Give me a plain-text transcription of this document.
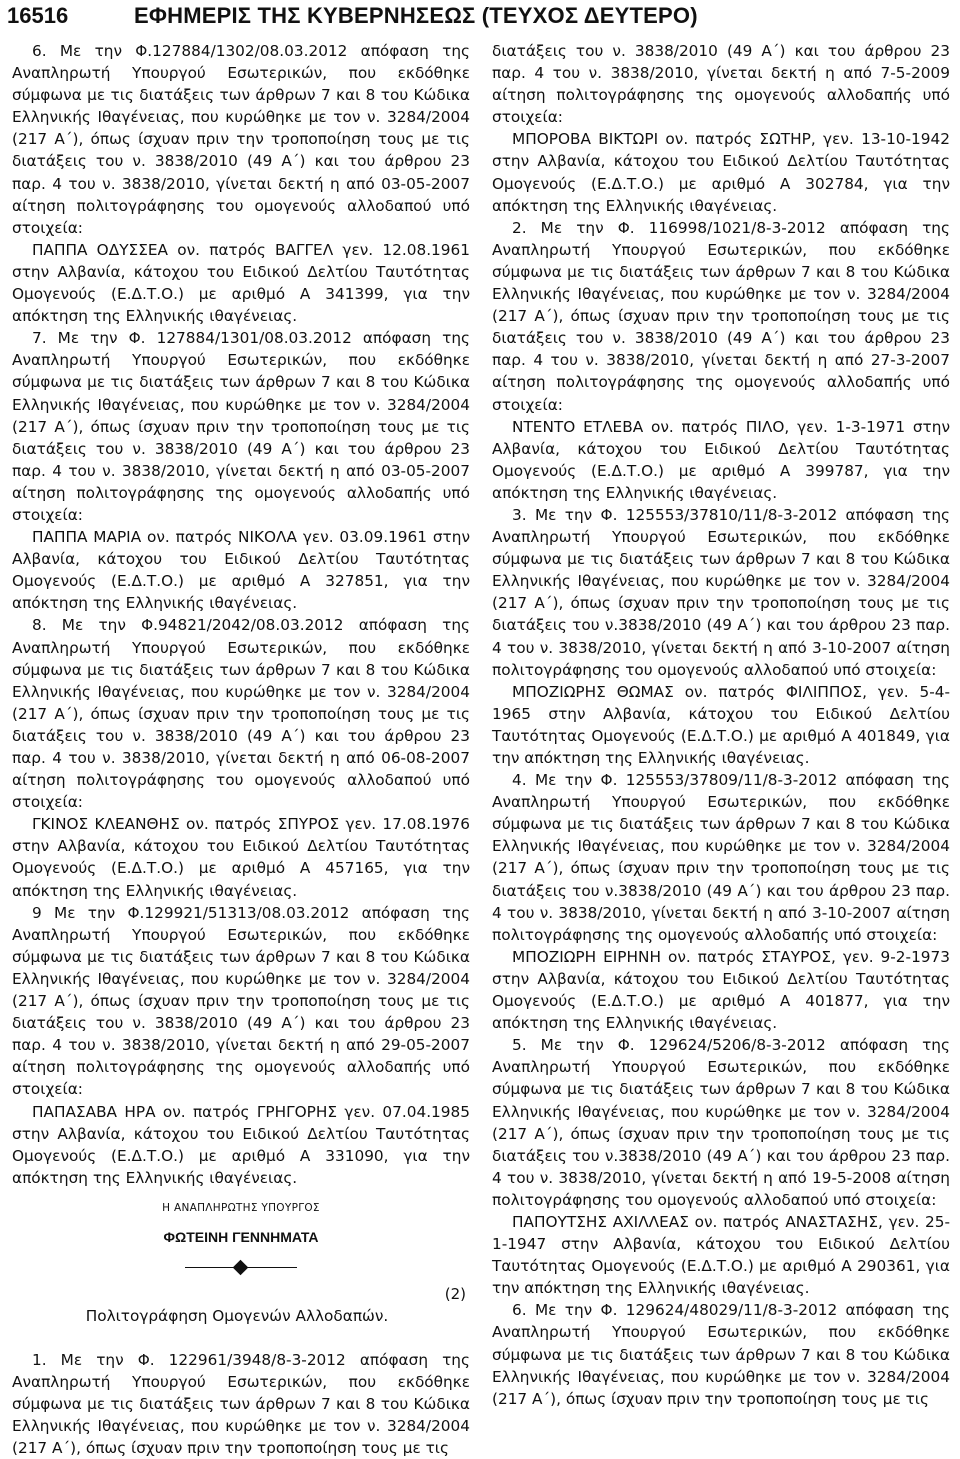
16516	ΕΦΗΜΕΡΙΣ ΤΗΣ ΚΥΒΕΡΝΗΣΕΩΣ (ΤΕΥΧΟΣ ΔΕΥΤΕΡΟ)

6. Με την Φ.127884/1302/08.03.2012 απόφαση της Αναπληρωτή Υπουργού Εσωτερικών, που εκδόθηκε σύμφωνα με τις διατάξεις των άρθρων 7 και 8 του Κώδικα Ελληνικής Ιθαγένειας, που κυρώθηκε με τον ν. 3284/2004 (217 Α΄), όπως ίσχυαν πριν την τροποποίηση τους με τις διατάξεις του ν. 3838/2010 (49 Α΄) και του άρθρου 23 παρ. 4 του ν. 3838/2010, γίνεται δεκτή η από 03-05-2007 αίτηση πολιτογράφησης του ομογενούς αλλοδαπού υπό στοιχεία:

ΠΑΠΠΑ ΟΔΥΣΣΕΑ ον. πατρός ΒΑΓΓΕΛ γεν. 12.08.1961 στην Αλβανία, κάτοχου του Ειδικού Δελτίου Ταυτότητας Ομογενούς (Ε.Δ.Τ.Ο.) με αριθμό Α 341399, για την απόκτηση της Ελληνικής ιθαγένειας.

7. Με την Φ. 127884/1301/08.03.2012 απόφαση της Αναπληρωτή Υπουργού Εσωτερικών, που εκδόθηκε σύμφωνα με τις διατάξεις των άρθρων 7 και 8 του Κώδικα Ελληνικής Ιθαγένειας, που κυρώθηκε με τον ν. 3284/2004 (217 Α΄), όπως ίσχυαν πριν την τροποποίηση τους με τις διατάξεις του ν. 3838/2010 (49 Α΄) και του άρθρου 23 παρ. 4 του ν. 3838/2010, γίνεται δεκτή η από 03-05-2007 αίτηση πολιτογράφησης της ομογενούς αλλοδαπής υπό στοιχεία:

ΠΑΠΠΑ ΜΑΡΙΑ ον. πατρός ΝΙΚΟΛΑ γεν. 03.09.1961 στην Αλβανία, κάτοχου του Ειδικού Δελτίου Ταυτότητας Ομογενούς (Ε.Δ.Τ.Ο.) με αριθμό Α 327851, για την απόκτηση της Ελληνικής ιθαγένειας.

8. Με την Φ.94821/2042/08.03.2012 απόφαση της Αναπληρωτή Υπουργού Εσωτερικών, που εκδόθηκε σύμφωνα με τις διατάξεις των άρθρων 7 και 8 του Κώδικα Ελληνικής Ιθαγένειας, που κυρώθηκε με τον ν. 3284/2004 (217 Α΄), όπως ίσχυαν πριν την τροποποίηση τους με τις διατάξεις του ν. 3838/2010 (49 Α΄) και του άρθρου 23 παρ. 4 του ν. 3838/2010, γίνεται δεκτή η από 06-08-2007 αίτηση πολιτογράφησης του ομογενούς αλλοδαπού υπό στοιχεία:

ΓΚΙΝΟΣ ΚΛΕΑΝΘΗΣ ον. πατρός ΣΠΥΡΟΣ γεν. 17.08.1976 στην Αλβανία, κάτοχου του Ειδικού Δελτίου Ταυτότητας Ομογενούς (Ε.Δ.Τ.Ο.) με αριθμό Α 457165, για την απόκτηση της Ελληνικής ιθαγένειας.

9 Με την Φ.129921/51313/08.03.2012 απόφαση της Αναπληρωτή Υπουργού Εσωτερικών, που εκδόθηκε σύμφωνα με τις διατάξεις των άρθρων 7 και 8 του Κώδικα Ελληνικής Ιθαγένειας, που κυρώθηκε με τον ν. 3284/2004 (217 Α΄), όπως ίσχυαν πριν την τροποποίηση τους με τις διατάξεις του ν. 3838/2010 (49 Α΄) και του άρθρου 23 παρ. 4 του ν. 3838/2010, γίνεται δεκτή η από 29-05-2007 αίτηση πολιτογράφησης της ομογενούς αλλοδαπής υπό στοιχεία:

ΠΑΠΑΣΑΒΑ ΗΡΑ ον. πατρός ΓΡΗΓΟΡΗΣ γεν. 07.04.1985 στην Αλβανία, κάτοχου του Ειδικού Δελτίου Ταυτότητας Ομογενούς (Ε.Δ.Τ.Ο.) με αριθμό Α 331090, για την απόκτηση της Ελληνικής ιθαγένειας.

Η ΑΝΑΠΛΗΡΩΤΗΣ ΥΠΟΥΡΓΟΣ
ΦΩΤΕΙΝΗ ΓΕΝΝΗΜΑΤΑ
(2)
Πολιτογράφηση Ομογενών Αλλοδαπών.

1. Με την Φ. 122961/3948/8-3-2012 απόφαση της Αναπληρωτή Υπουργού Εσωτερικών, που εκδόθηκε σύμφωνα με τις διατάξεις των άρθρων 7 και 8 του Κώδικα Ελληνικής Ιθαγένειας, που κυρώθηκε με τον ν. 3284/2004 (217 Α΄), όπως ίσχυαν πριν την τροποποίηση τους με τις

διατάξεις του ν. 3838/2010 (49 Α΄) και του άρθρου 23 παρ. 4 του ν. 3838/2010, γίνεται δεκτή η από 7-5-2009 αίτηση πολιτογράφησης της ομογενούς αλλοδαπής υπό στοιχεία:

ΜΠΟΡΟΒΑ ΒΙΚΤΩΡΙ ον. πατρός ΣΩΤΗΡ, γεν. 13-10-1942 στην Αλβανία, κάτοχου του Ειδικού Δελτίου Ταυτότητας Ομογενούς (Ε.Δ.Τ.Ο.) με αριθμό Α 302784, για την απόκτηση της Ελληνικής ιθαγένειας.

2. Με την Φ. 116998/1021/8-3-2012 απόφαση της Αναπληρωτή Υπουργού Εσωτερικών, που εκδόθηκε σύμφωνα με τις διατάξεις των άρθρων 7 και 8 του Κώδικα Ελληνικής Ιθαγένειας, που κυρώθηκε με τον ν. 3284/2004 (217 Α΄), όπως ίσχυαν πριν την τροποποίηση τους με τις διατάξεις του ν. 3838/2010 (49 Α΄) και του άρθρου 23 παρ. 4 του ν. 3838/2010, γίνεται δεκτή η από 27-3-2007 αίτηση πολιτογράφησης της ομογενούς αλλοδαπής υπό στοιχεία:

ΝΤΕΝΤΟ ΕΤΛΕΒΑ ον. πατρός ΠΙΛΟ, γεν. 1-3-1971 στην Αλβανία, κάτοχου του Ειδικού Δελτίου Ταυτότητας Ομογενούς (Ε.Δ.Τ.Ο.) με αριθμό Α 399787, για την απόκτηση της Ελληνικής ιθαγένειας.

3. Με την Φ. 125553/37810/11/8-3-2012 απόφαση της Αναπληρωτή Υπουργού Εσωτερικών, που εκδόθηκε σύμφωνα με τις διατάξεις των άρθρων 7 και 8 του Κώδικα Ελληνικής Ιθαγένειας, που κυρώθηκε με τον ν. 3284/2004 (217 Α΄), όπως ίσχυαν πριν την τροποποίηση τους με τις διατάξεις του ν.3838/2010 (49 Α΄) και του άρθρου 23 παρ. 4 του ν. 3838/2010, γίνεται δεκτή η από 3-10-2007 αίτηση πολιτογράφησης του ομογενούς αλλοδαπού υπό στοιχεία:

ΜΠΟΖΙΩΡΗΣ ΘΩΜΑΣ ον. πατρός ΦΙΛΙΠΠΟΣ, γεν. 5-4-1965 στην Αλβανία, κάτοχου του Ειδικού Δελτίου Ταυτότητας Ομογενούς (Ε.Δ.Τ.Ο.) με αριθμό Α 401849, για την απόκτηση της Ελληνικής ιθαγένειας.

4. Με την Φ. 125553/37809/11/8-3-2012 απόφαση της Αναπληρωτή Υπουργού Εσωτερικών, που εκδόθηκε σύμφωνα με τις διατάξεις των άρθρων 7 και 8 του Κώδικα Ελληνικής Ιθαγένειας, που κυρώθηκε με τον ν. 3284/2004 (217 Α΄), όπως ίσχυαν πριν την τροποποίηση τους με τις διατάξεις του ν.3838/2010 (49 Α΄) και του άρθρου 23 παρ. 4 του ν. 3838/2010, γίνεται δεκτή η από 3-10-2007 αίτηση πολιτογράφησης της ομογενούς αλλοδαπής υπό στοιχεία:

ΜΠΟΖΙΩΡΗ ΕΙΡΗΝΗ ον. πατρός ΣΤΑΥΡΟΣ, γεν. 9-2-1973 στην Αλβανία, κάτοχου του Ειδικού Δελτίου Ταυτότητας Ομογενούς (Ε.Δ.Τ.Ο.) με αριθμό Α 401877, για την απόκτηση της Ελληνικής ιθαγένειας.

5. Με την Φ. 129624/5206/8-3-2012 απόφαση της Αναπληρωτή Υπουργού Εσωτερικών, που εκδόθηκε σύμφωνα με τις διατάξεις των άρθρων 7 και 8 του Κώδικα Ελληνικής Ιθαγένειας, που κυρώθηκε με τον ν. 3284/2004 (217 Α΄), όπως ίσχυαν πριν την τροποποίηση τους με τις διατάξεις του ν.3838/2010 (49 Α΄) και του άρθρου 23 παρ. 4 του ν. 3838/2010, γίνεται δεκτή η από 19-5-2008 αίτηση πολιτογράφησης του ομογενούς αλλοδαπού υπό στοιχεία:

ΠΑΠΟΥΤΣΗΣ ΑΧΙΛΛΕΑΣ ον. πατρός ΑΝΑΣΤΑΣΗΣ, γεν. 25-1-1947 στην Αλβανία, κάτοχου του Ειδικού Δελτίου Ταυτότητας Ομογενούς (Ε.Δ.Τ.Ο.) με αριθμό Α 290361, για την απόκτηση της Ελληνικής ιθαγένειας.

6. Με την Φ. 129624/48029/11/8-3-2012 απόφαση της Αναπληρωτή Υπουργού Εσωτερικών, που εκδόθηκε σύμφωνα με τις διατάξεις των άρθρων 7 και 8 του Κώδικα Ελληνικής Ιθαγένειας, που κυρώθηκε με τον ν. 3284/2004 (217 Α΄), όπως ίσχυαν πριν την τροποποίηση τους με τις
